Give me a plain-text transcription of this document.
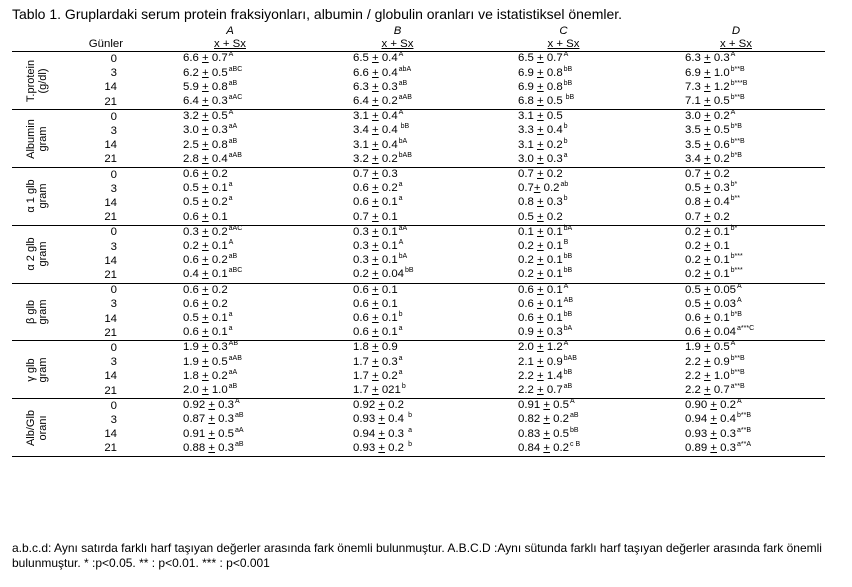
Tablo 1. Gruplardaki serum protein fraksiyonları, albumin / globulin oranları ve istatistiksel önemler.
		A	B	C	D
	Günler	x + Sx	x + Sx	x + Sx	x + Sx

T.protein (g/dl)	0	$6.6 + 0.7^A$	$6.5 + 0.4^A$	$6.5 + 0.7^A$	$6.3 + 0.3^A$
	3	$6.2 + 0.5^{aBC}$	$6.6 + 0.4^{abA}$	$6.9 + 0.8^{bB}$	$6.9 + 1.0^{b**B}$
	14	$5.9 + 0.8^{aB}$	$6.3 + 0.3^{aB}$	$6.9 + 0.8^{bB}$	$7.3 + 1.2^{b***B}$
	21	$6.4 + 0.3^{aAC}$	$6.4 + 0.2^{aAB}$	6.8 + 0.5 $^{bB}$	$7.1 + 0.5^{b**B}$

Albumin gram	0	$3.2 + 0.5^A$	$3.1 + 0.4^A$	3.1 + 0.5	$3.0 + 0.2^A$
	3	$3.0 + 0.3^{aA}$	3.4 + 0.4 $^{bB}$	3.3 + 0.4$^b$	$3.5 + 0.5^{b*B}$
	14	$2.5 + 0.8^{aB}$	$3.1 + 0.4^{bA}$	3.1 + 0.2$^b$	$3.5 + 0.6^{b**B}$
	21	$2.8 + 0.4^{aAB}$	$3.2 + 0.2^{bAB}$	3.0 + 0.3$^a$	$3.4 + 0.2^{b*B}$

α 1 glb gram	0	0.6 + 0.2	0.7 + 0.3	0.7 + 0.2	0.7 + 0.2
	3	0.5 + 0.1$^a$	0.6 + 0.2$^a$	0.7+ 0.2$^{ab}$	$0.5 + 0.3^{b*}$
	14	0.5 + 0.2$^a$	0.6 + 0.1$^a$	0.8 + 0.3$^b$	$0.8 + 0.4^{b**}$
	21	0.6 + 0.1	0.7 + 0.1	0.5 + 0.2	0.7 + 0.2

α 2 glb gram	0	$0.3 + 0.2^{aAC}$	$0.3 + 0.1^{aA}$	$0.1 + 0.1^{bA}$	$0.2 + 0.1^{b*}$
	3	$0.2 + 0.1^A$	$0.3 + 0.1^A$	$0.2 + 0.1^B$	0.2 + 0.1
	14	$0.6 + 0.2^{aB}$	$0.3 + 0.1^{bA}$	$0.2 + 0.1^{bB}$	$0.2 + 0.1^{b***}$
	21	$0.4 + 0.1^{aBC}$	$0.2 + 0.04^{bB}$	$0.2 + 0.1^{bB}$	$0.2 + 0.1^{b***}$

β glb gram	0	0.6 + 0.2	0.6 + 0.1	$0.6 + 0.1^A$	$0.5 + 0.05^A$
	3	0.6 + 0.2	0.6 + 0.1	$0.6 + 0.1^{AB}$	$0.5 + 0.03^A$
	14	0.5 + 0.1$^a$	0.6 + 0.1$^b$	$0.6 + 0.1^{bB}$	$0.6 + 0.1^{b*B}$
	21	0.6 + 0.1$^a$	0.6 + 0.1$^a$	$0.9 + 0.3^{bA}$	$0.6 + 0.04^{a***C}$

γ glb gram	0	$1.9 + 0.3^{AB}$	1.8 + 0.9	$2.0 + 1.2^A$	$1.9 + 0.5^A$
	3	$1.9 + 0.5^{aAB}$	1.7 + 0.3$^a$	$2.1 + 0.9^{bAB}$	$2.2 + 0.9^{b**B}$
	14	$1.8 + 0.2^{aA}$	1.7 + 0.2$^a$	$2.2 + 1.4^{bB}$	$2.2 + 1.0^{b**B}$
	21	$2.0 + 1.0^{aB}$	$1.7 + 021^b$	$2.2 + 0.7^{aB}$	$2.2 + 0.7^{a**B}$

Alb/Glb oranı	0	$0.92 + 0.3^A$	0.92 + 0.2	$0.91 + 0.5^A$	$0.90 + 0.2^A$
	3	$0.87 + 0.3^{aB}$	0.93 + 0.4 $^b$	$0.82 + 0.2^{aB}$	$0.94 + 0.4^{b**B}$
	14	$0.91 + 0.5^{aA}$	0.94 + 0.3 $^a$	$0.83 + 0.5^{bB}$	$0.93 + 0.3^{a**B}$
	21	$0.88 + 0.3^{aB}$	0.93 + 0.2 $^b$	$0.84 + 0.2^{c B}$	$0.89 + 0.3^{a**A}$
a.b.c.d: Aynı satırda farklı harf taşıyan değerler arasında fark önemli bulunmuştur. A.B.C.D :Aynı sütunda farklı harf taşıyan değerler arasında fark önemli bulunmuştur. * :p<0.05. ** : p<0.01. *** : p<0.001
